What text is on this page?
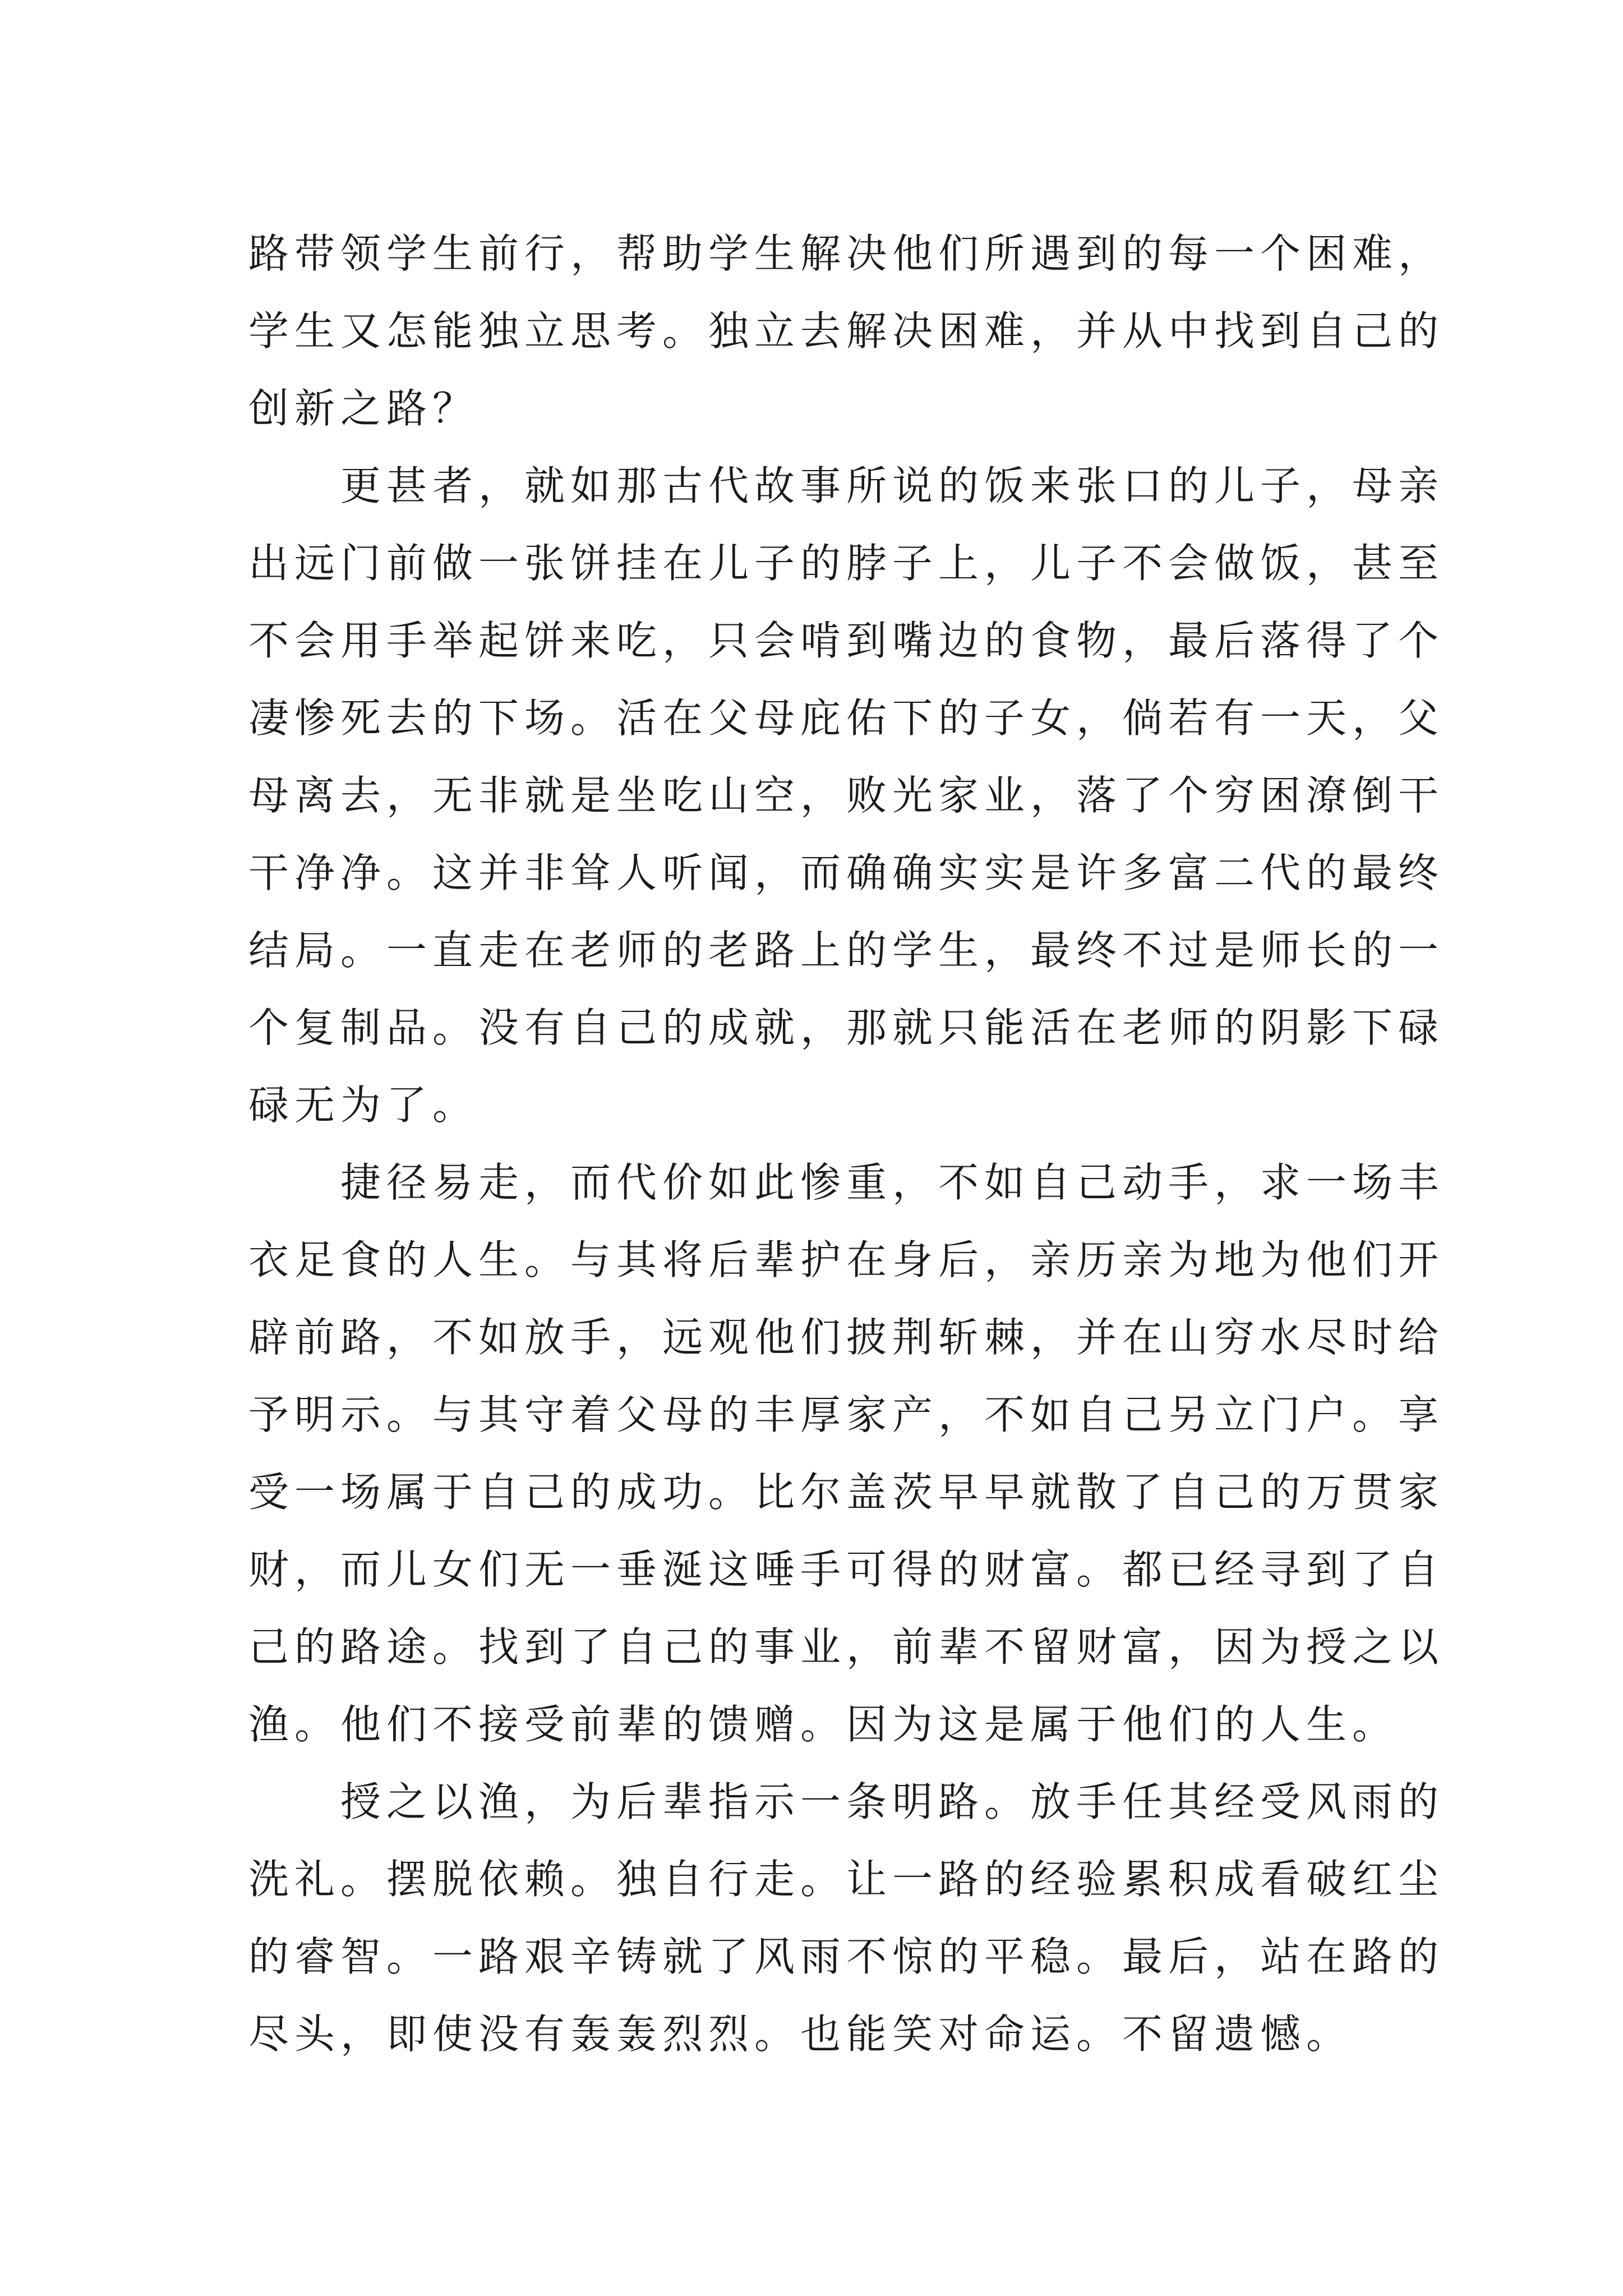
路带领学生前行，帮助学生解决他们所遇到的每一个困难，
学生又怎能独立思考。独立去解决困难，并从中找到自己的
创新之路？
更甚者，就如那古代故事所说的饭来张口的儿子，母亲
出远门前做一张饼挂在儿子的脖子上，儿子不会做饭，甚至
不会用手举起饼来吃，只会啃到嘴边的食物，最后落得了个
凄惨死去的下场。活在父母庇佑下的子女，倘若有一天，父
母离去，无非就是坐吃山空，败光家业，落了个穷困潦倒干
干净净。这并非耸人听闻，而确确实实是许多富二代的最终
结局。一直走在老师的老路上的学生，最终不过是师长的一
个复制品。没有自己的成就，那就只能活在老师的阴影下碌
碌无为了。
捷径易走，而代价如此惨重，不如自己动手，求一场丰
衣足食的人生。与其将后辈护在身后，亲历亲为地为他们开
辟前路，不如放手，远观他们披荆斩棘，并在山穷水尽时给
予明示。与其守着父母的丰厚家产，不如自己另立门户。享
受一场属于自己的成功。比尔盖茨早早就散了自己的万贯家
财，而儿女们无一垂涎这唾手可得的财富。都已经寻到了自
己的路途。找到了自己的事业，前辈不留财富，因为授之以
渔。他们不接受前辈的馈赠。因为这是属于他们的人生。
授之以渔，为后辈指示一条明路。放手任其经受风雨的
洗礼。摆脱依赖。独自行走。让一路的经验累积成看破红尘
的睿智。一路艰辛铸就了风雨不惊的平稳。最后，站在路的
尽头，即使没有轰轰烈烈。也能笑对命运。不留遗憾。
